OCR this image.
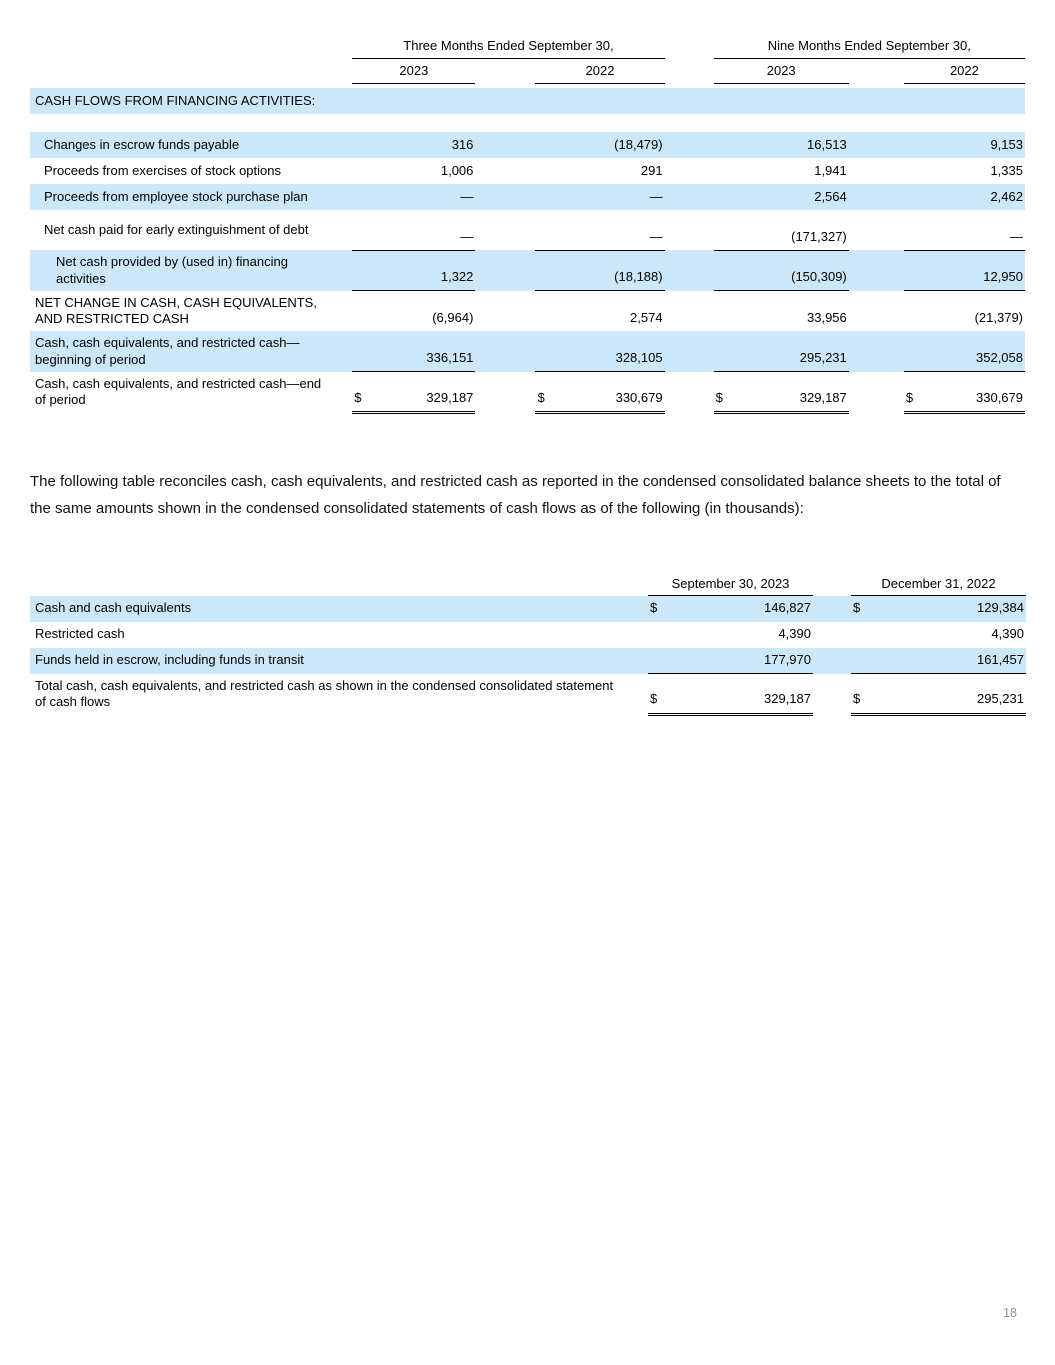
		Three Months Ended September 30,				Nine Months Ended September 30,		
		2023		2022		2023		2022

CASH FLOWS FROM FINANCING ACTIVITIES:								

Changes in escrow funds payable		316		(18,479)		16,513		9,153
Proceeds from exercises of stock options		1,006		291		1,941		1,335
Proceeds from employee stock purchase plan		—		—		2,564		2,462
Net cash paid for early extinguishment of debt		—		—		(171,327)		—
Net cash provided by (used in) financing activities		1,322		(18,188)		(150,309)		12,950
NET CHANGE IN CASH, CASH EQUIVALENTS, AND RESTRICTED CASH		(6,964)		2,574		33,956		(21,379)
Cash, cash equivalents, and restricted cash—beginning of period		336,151		328,105		295,231		352,058
Cash, cash equivalents, and restricted cash—end of period		$ 329,187		$ 330,679		$ 329,187		$ 330,679

The following table reconciles cash, cash equivalents, and restricted cash as reported in the condensed consolidated balance sheets to the total of the same amounts shown in the condensed consolidated statements of cash flows as of the following (in thousands):

		September 30, 2023		December 31, 2022
Cash and cash equivalents		$ 146,827		$ 129,384

Restricted cash		4,390		4,390
Funds held in escrow, including funds in transit		177,970		161,457
Total cash, cash equivalents, and restricted cash as shown in the condensed consolidated statement of cash flows		$ 329,187		$ 295,231
18
